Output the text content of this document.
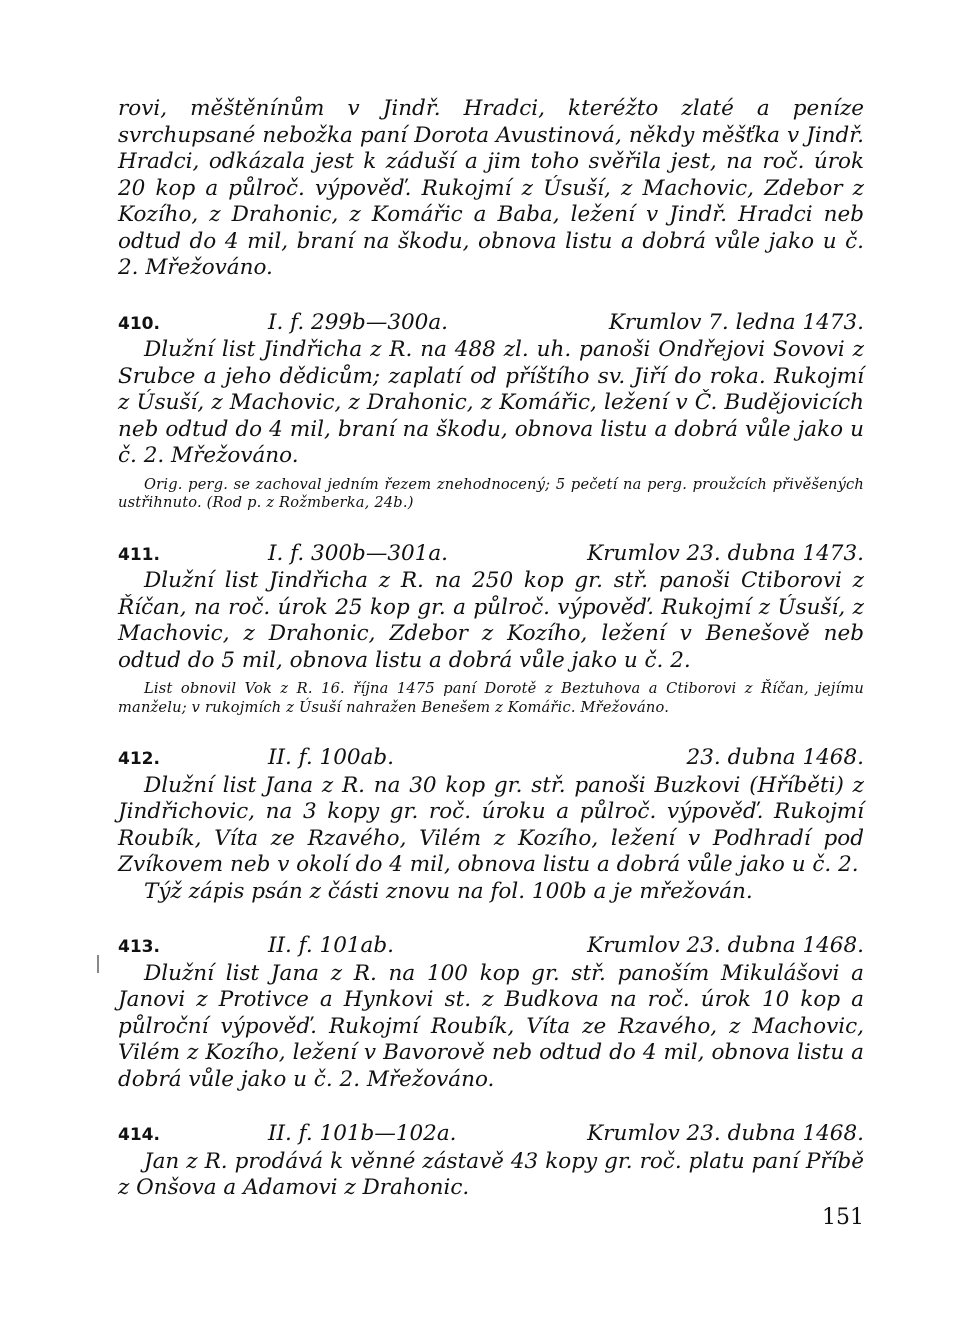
rovi, měštěnínům v Jindř. Hradci, kteréžto zlaté a peníze svrchupsané nebožka paní Dorota Avustinová, někdy měšťka v Jindř. Hradci, odkázala jest k záduší a jim toho svěřila jest, na roč. úrok 20 kop a půlroč. výpověď. Rukojmí z Úsuší, z Machovic, Zdebor z Kozího, z Drahonic, z Komářic a Baba, ležení v Jindř. Hradci neb odtud do 4 mil, braní na škodu, obnova listu a dobrá vůle jako u č. 2. Mřežováno.

410.	I. f. 299b—300a.	Krumlov 7. ledna 1473.

Dlužní list Jindřicha z R. na 488 zl. uh. panoši Ondřejovi Sovovi z Srubce a jeho dědicům; zaplatí od příštího sv. Jiří do roka. Rukojmí z Úsuší, z Machovic, z Drahonic, z Komářic, ležení v Č. Budějovicích neb odtud do 4 mil, braní na škodu, obnova listu a dobrá vůle jako u č. 2. Mřežováno.

Orig. perg. se zachoval jedním řezem znehodnocený; 5 pečetí na perg. proužcích přivěšených ustřihnuto. (Rod p. z Rožmberka, 24b.)

411.	I. f. 300b—301a.	Krumlov 23. dubna 1473.

Dlužní list Jindřicha z R. na 250 kop gr. stř. panoši Ctiborovi z Říčan, na roč. úrok 25 kop gr. a půlroč. výpověď. Rukojmí z Úsuší, z Machovic, z Drahonic, Zdebor z Kozího, ležení v Benešově neb odtud do 5 mil, obnova listu a dobrá vůle jako u č. 2.

List obnovil Vok z R. 16. října 1475 paní Dorotě z Beztuhova a Ctiborovi z Říčan, jejímu manželu; v rukojmích z Úsuší nahražen Benešem z Komářic. Mřežováno.

412.	II. f. 100ab.	23. dubna 1468.

Dlužní list Jana z R. na 30 kop gr. stř. panoši Buzkovi (Hříběti) z Jindřichovic, na 3 kopy gr. roč. úroku a půlroč. výpověď. Rukojmí Roubík, Víta ze Rzavého, Vilém z Kozího, ležení v Podhradí pod Zvíkovem neb v okolí do 4 mil, obnova listu a dobrá vůle jako u č. 2.

Týž zápis psán z části znovu na fol. 100b a je mřežován.

413.	II. f. 101ab.	Krumlov 23. dubna 1468.

Dlužní list Jana z R. na 100 kop gr. stř. panoším Mikulášovi a Janovi z Protivce a Hynkovi st. z Budkova na roč. úrok 10 kop a půlroční výpověď. Rukojmí Roubík, Víta ze Rzavého, z Machovic, Vilém z Kozího, ležení v Bavorově neb odtud do 4 mil, obnova listu a dobrá vůle jako u č. 2. Mřežováno.

414.	II. f. 101b—102a.	Krumlov 23. dubna 1468.

Jan z R. prodává k věnné zástavě 43 kopy gr. roč. platu paní Příbě z Onšova a Adamovi z Drahonic.

151
